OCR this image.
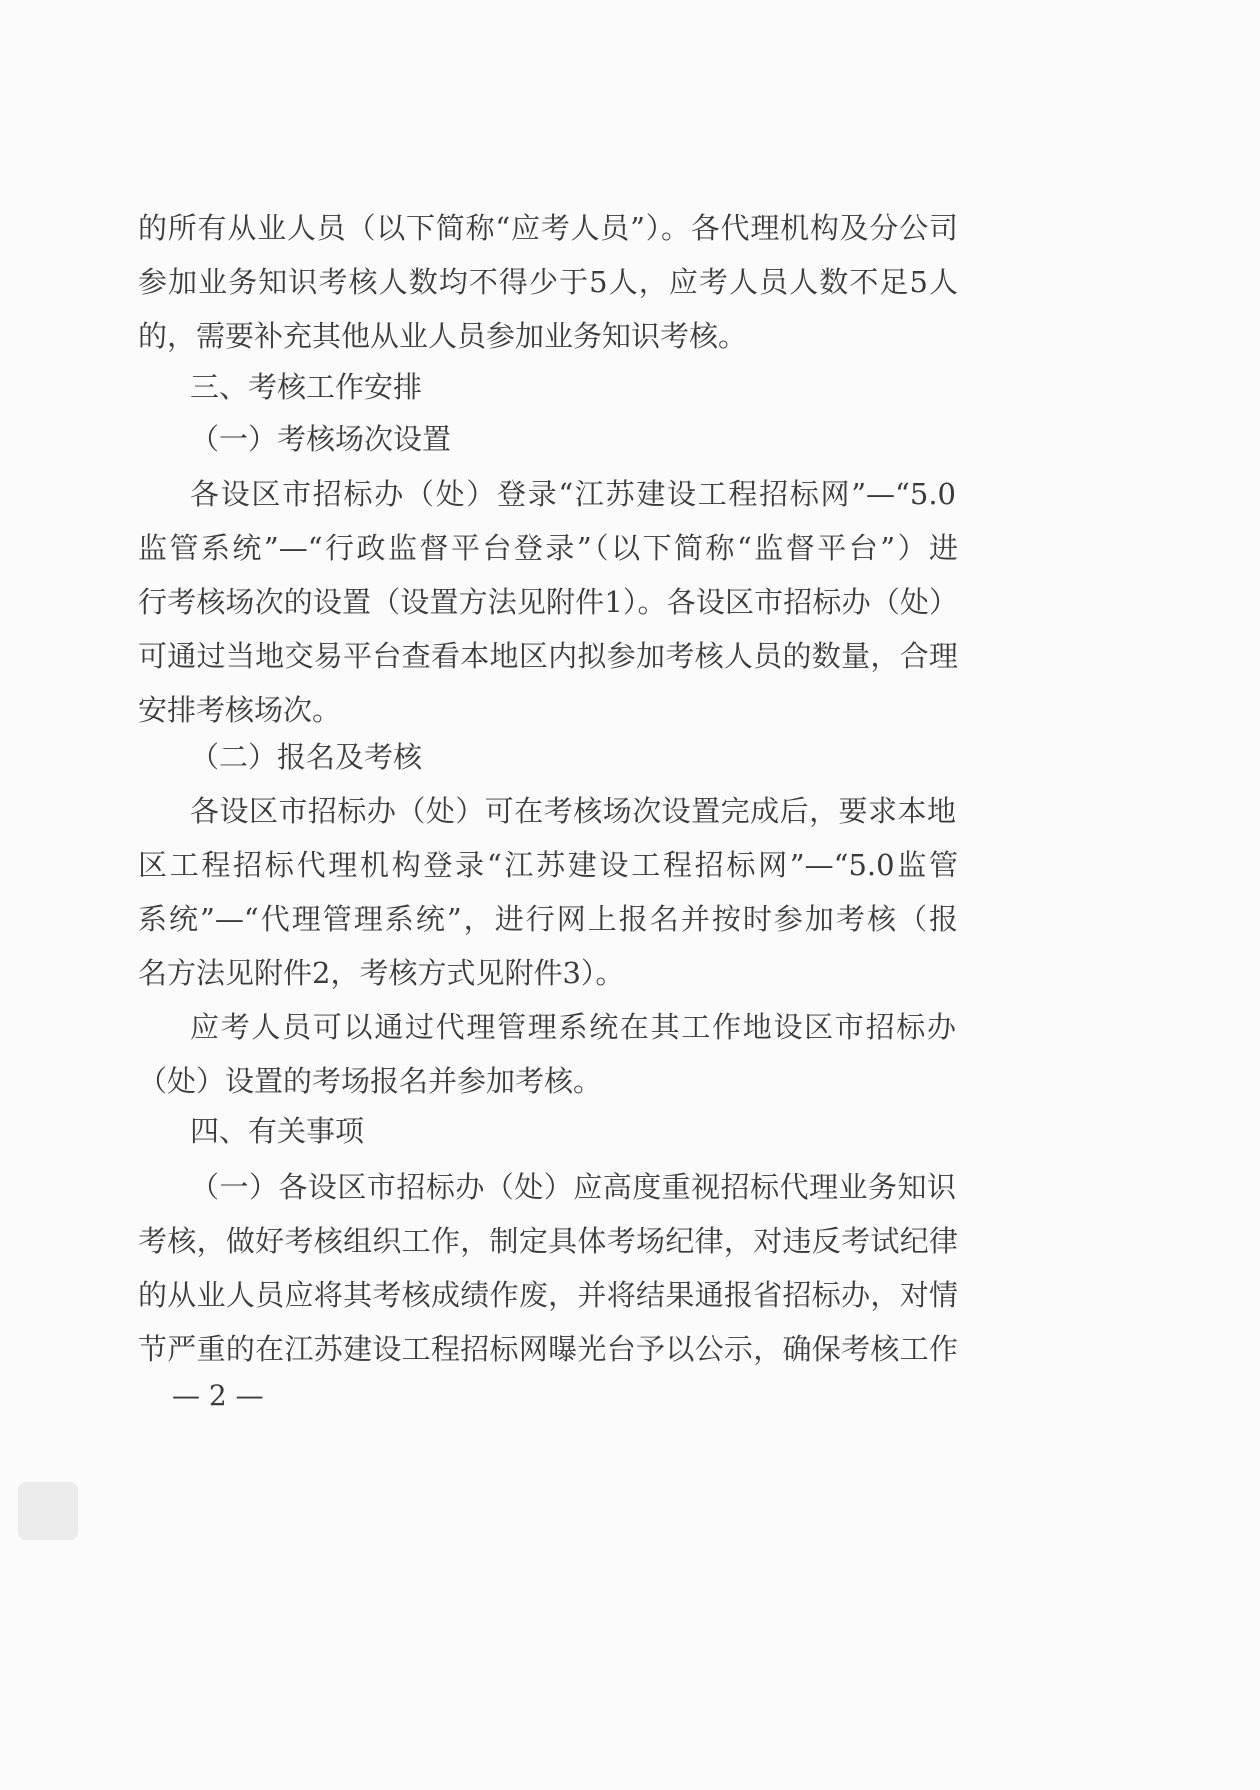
的所有从业人员（以下简称“应考人员”）。各代理机构及分公司
参加业务知识考核人数均不得少于5人，应考人员人数不足5人
的，需要补充其他从业人员参加业务知识考核。
三、考核工作安排
（一）考核场次设置
各设区市招标办（处）登录“江苏建设工程招标网”—“5.0
监管系统”—“行政监督平台登录”（以下简称“监督平台”）进
行考核场次的设置（设置方法见附件1）。各设区市招标办（处）
可通过当地交易平台查看本地区内拟参加考核人员的数量，合理
安排考核场次。
（二）报名及考核
各设区市招标办（处）可在考核场次设置完成后，要求本地
区工程招标代理机构登录“江苏建设工程招标网”—“5.0监管
系统”—“代理管理系统”，进行网上报名并按时参加考核（报
名方法见附件2，考核方式见附件3）。
应考人员可以通过代理管理系统在其工作地设区市招标办
（处）设置的考场报名并参加考核。
四、有关事项
（一）各设区市招标办（处）应高度重视招标代理业务知识
考核，做好考核组织工作，制定具体考场纪律，对违反考试纪律
的从业人员应将其考核成绩作废，并将结果通报省招标办，对情
节严重的在江苏建设工程招标网曝光台予以公示，确保考核工作
— 2 —
